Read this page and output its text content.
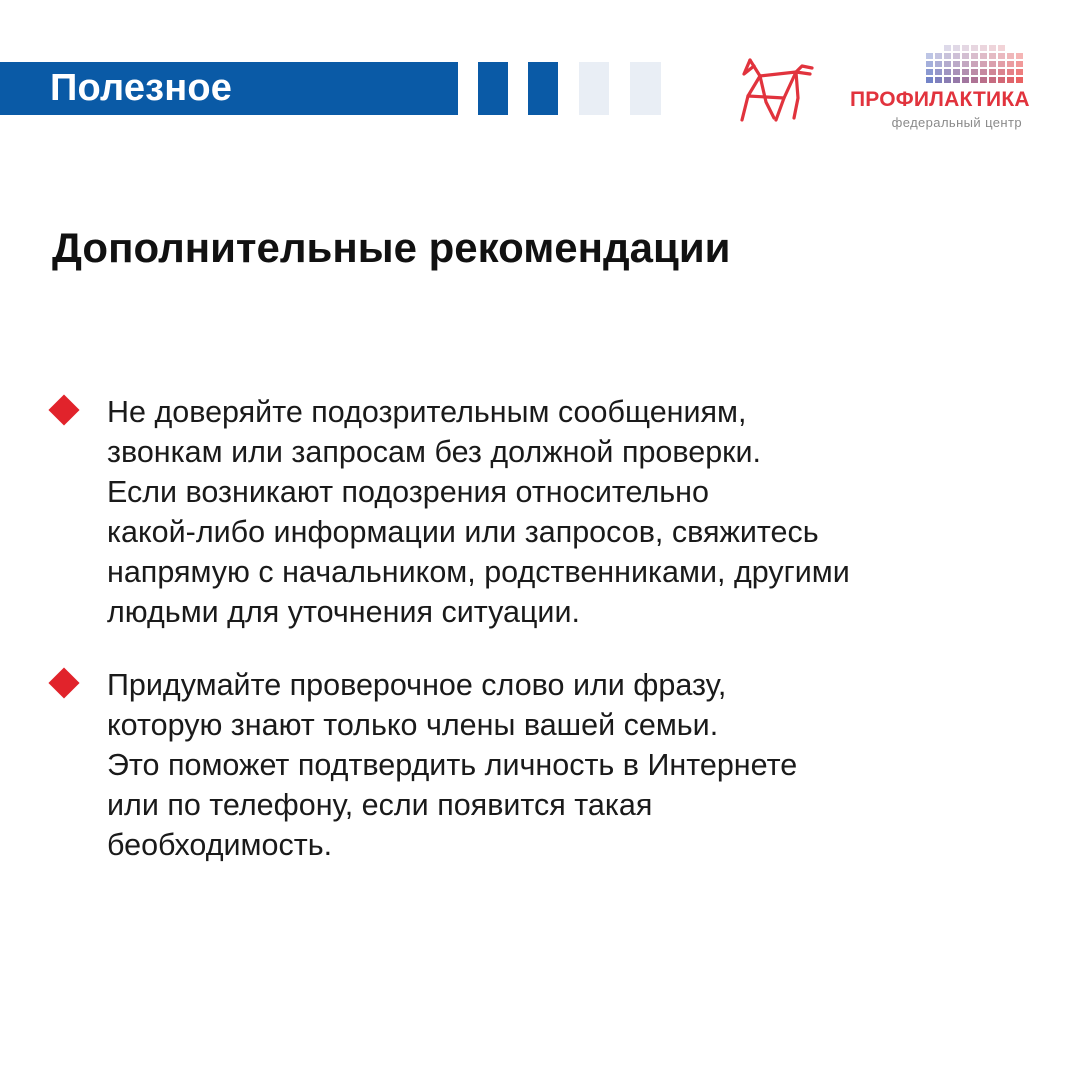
Полезное	ПРОФИЛАКТИКА
федеральный центр
Дополнительные рекомендации
Не доверяйте подозрительным сообщениям,
звонкам или запросам без должной проверки.
Если возникают подозрения относительно
какой-либо информации или запросов, свяжитесь
напрямую с начальником, родственниками, другими
людьми для уточнения ситуации.
Придумайте проверочное слово или фразу,
которую знают только члены вашей семьи.
Это поможет подтвердить личность в Интернете
или по телефону, если появится такая
беобходимость.
